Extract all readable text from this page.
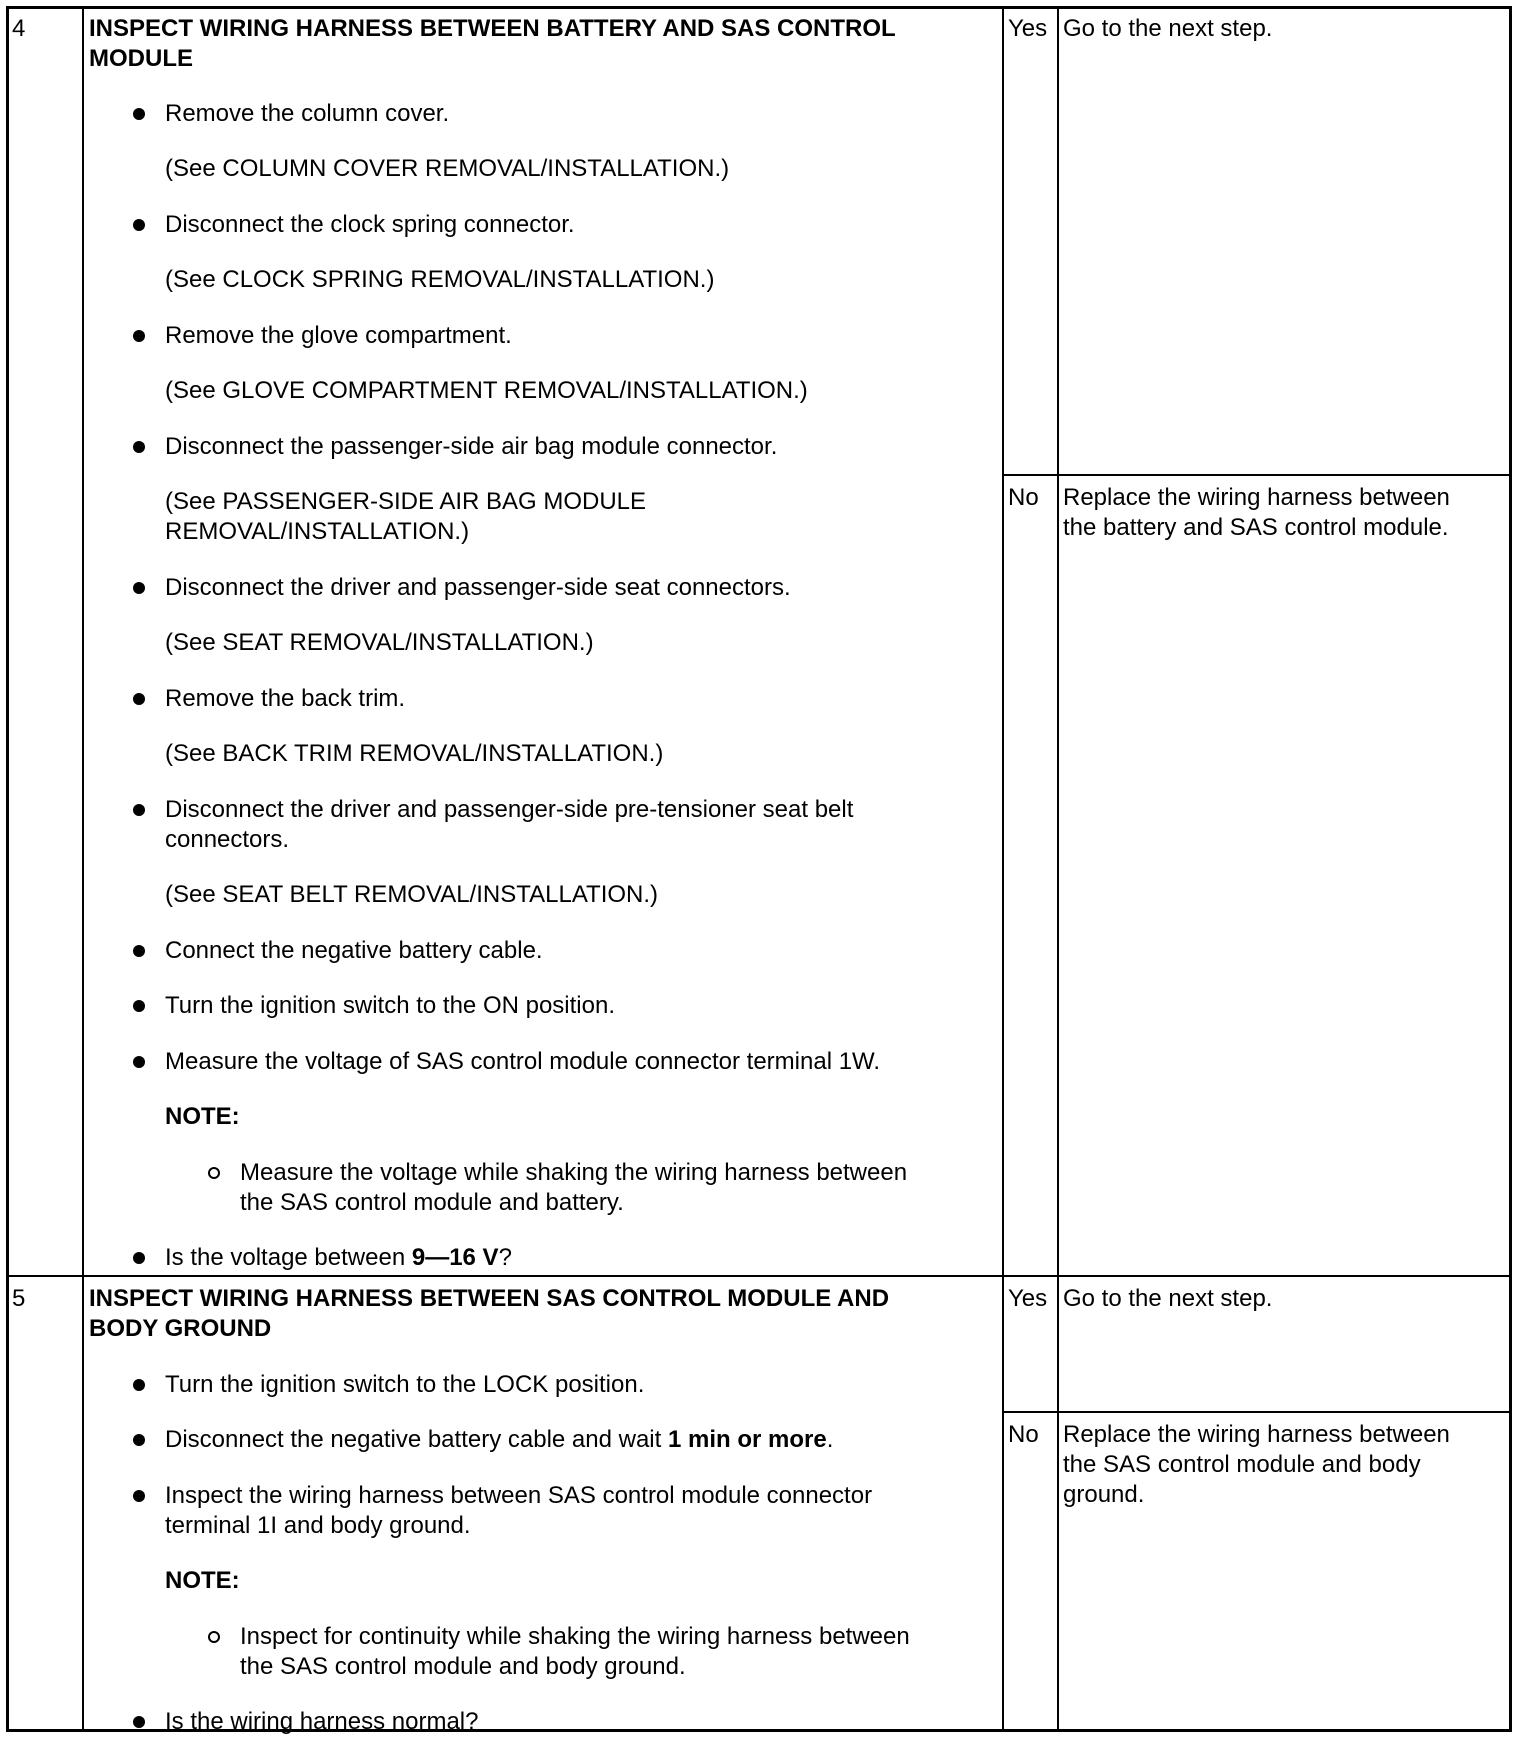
4	INSPECT WIRING HARNESS BETWEEN BATTERY AND SAS CONTROL
MODULE
Remove the column cover.
(See COLUMN COVER REMOVAL/INSTALLATION.)
Disconnect the clock spring connector.
(See CLOCK SPRING REMOVAL/INSTALLATION.)
Remove the glove compartment.
(See GLOVE COMPARTMENT REMOVAL/INSTALLATION.)
Disconnect the passenger-side air bag module connector.
(See PASSENGER-SIDE AIR BAG MODULE
REMOVAL/INSTALLATION.)
Disconnect the driver and passenger-side seat connectors.
(See SEAT REMOVAL/INSTALLATION.)
Remove the back trim.
(See BACK TRIM REMOVAL/INSTALLATION.)
Disconnect the driver and passenger-side pre-tensioner seat belt
connectors.
(See SEAT BELT REMOVAL/INSTALLATION.)
Connect the negative battery cable.
Turn the ignition switch to the ON position.
Measure the voltage of SAS control module connector terminal 1W.
NOTE:
Measure the voltage while shaking the wiring harness between
the SAS control module and battery.
Is the voltage between 9—16 V?
Yes Go to the next step.
No Replace the wiring harness between
the battery and SAS control module.
5	INSPECT WIRING HARNESS BETWEEN SAS CONTROL MODULE AND
BODY GROUND
Turn the ignition switch to the LOCK position.
Disconnect the negative battery cable and wait 1 min or more.
Inspect the wiring harness between SAS control module connector
terminal 1I and body ground.
NOTE:
Inspect for continuity while shaking the wiring harness between
the SAS control module and body ground.
Is the wiring harness normal?
Yes Go to the next step.
No Replace the wiring harness between
the SAS control module and body
ground.
